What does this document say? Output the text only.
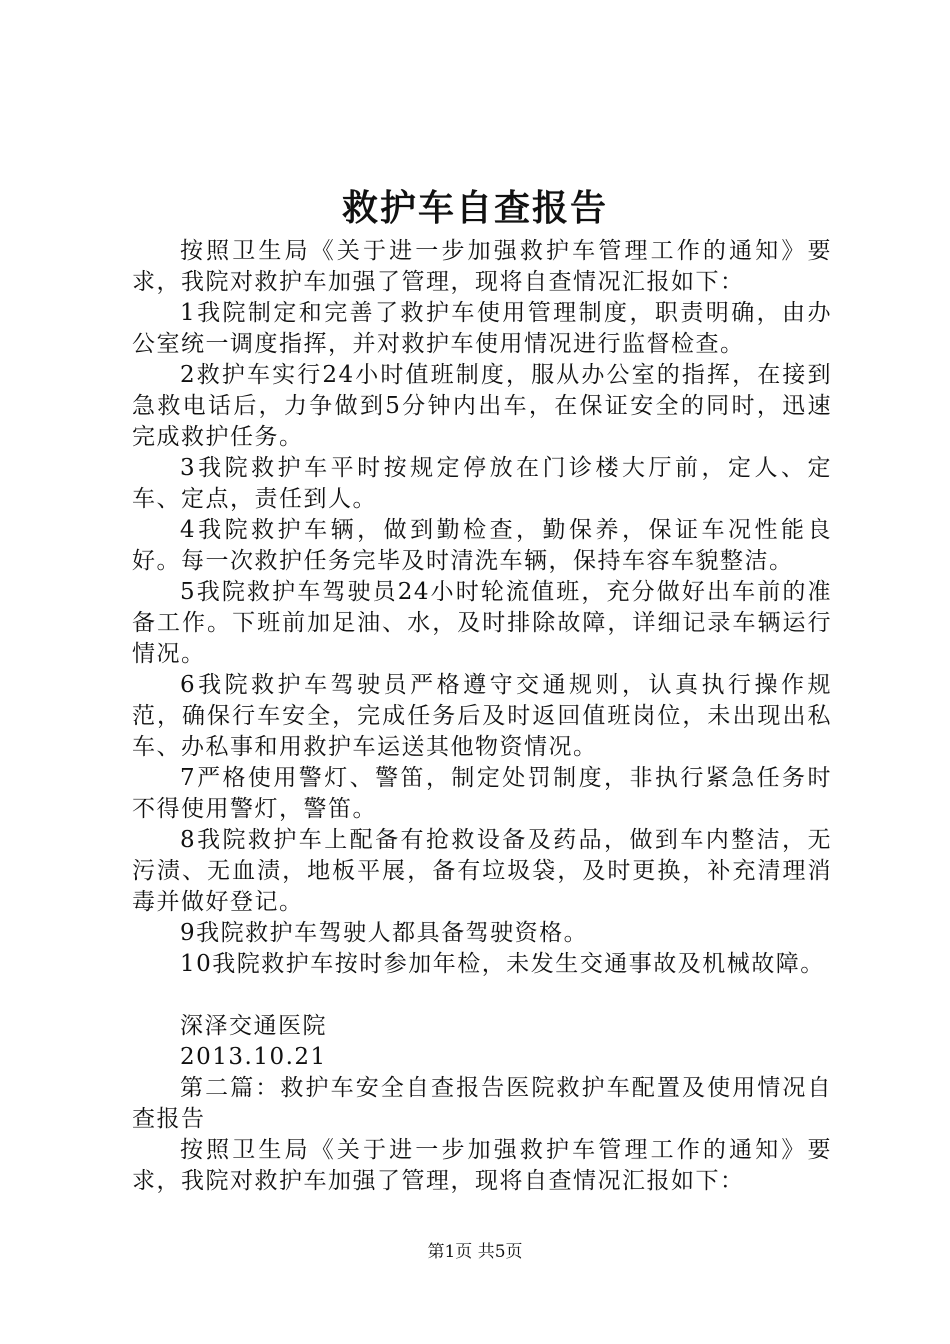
救护车自查报告

按照卫生局《关于进一步加强救护车管理工作的通知》要求，我院对救护车加强了管理，现将自查情况汇报如下：

1我院制定和完善了救护车使用管理制度，职责明确，由办公室统一调度指挥，并对救护车使用情况进行监督检查。

2救护车实行24小时值班制度，服从办公室的指挥，在接到急救电话后，力争做到5分钟内出车，在保证安全的同时，迅速完成救护任务。

3我院救护车平时按规定停放在门诊楼大厅前，定人、定车、定点，责任到人。

4我院救护车辆，做到勤检查，勤保养，保证车况性能良好。每一次救护任务完毕及时清洗车辆，保持车容车貌整洁。

5我院救护车驾驶员24小时轮流值班，充分做好出车前的准备工作。下班前加足油、水，及时排除故障，详细记录车辆运行情况。

6我院救护车驾驶员严格遵守交通规则，认真执行操作规范，确保行车安全，完成任务后及时返回值班岗位，未出现出私车、办私事和用救护车运送其他物资情况。

7严格使用警灯、警笛，制定处罚制度，非执行紧急任务时不得使用警灯，警笛。

8我院救护车上配备有抢救设备及药品，做到车内整洁，无污渍、无血渍，地板平展，备有垃圾袋，及时更换，补充清理消毒并做好登记。

9我院救护车驾驶人都具备驾驶资格。

10我院救护车按时参加年检，未发生交通事故及机械故障。

深泽交通医院

2013.10.21

第二篇：救护车安全自查报告医院救护车配置及使用情况自查报告

按照卫生局《关于进一步加强救护车管理工作的通知》要求，我院对救护车加强了管理，现将自查情况汇报如下：

第1页 共5页
